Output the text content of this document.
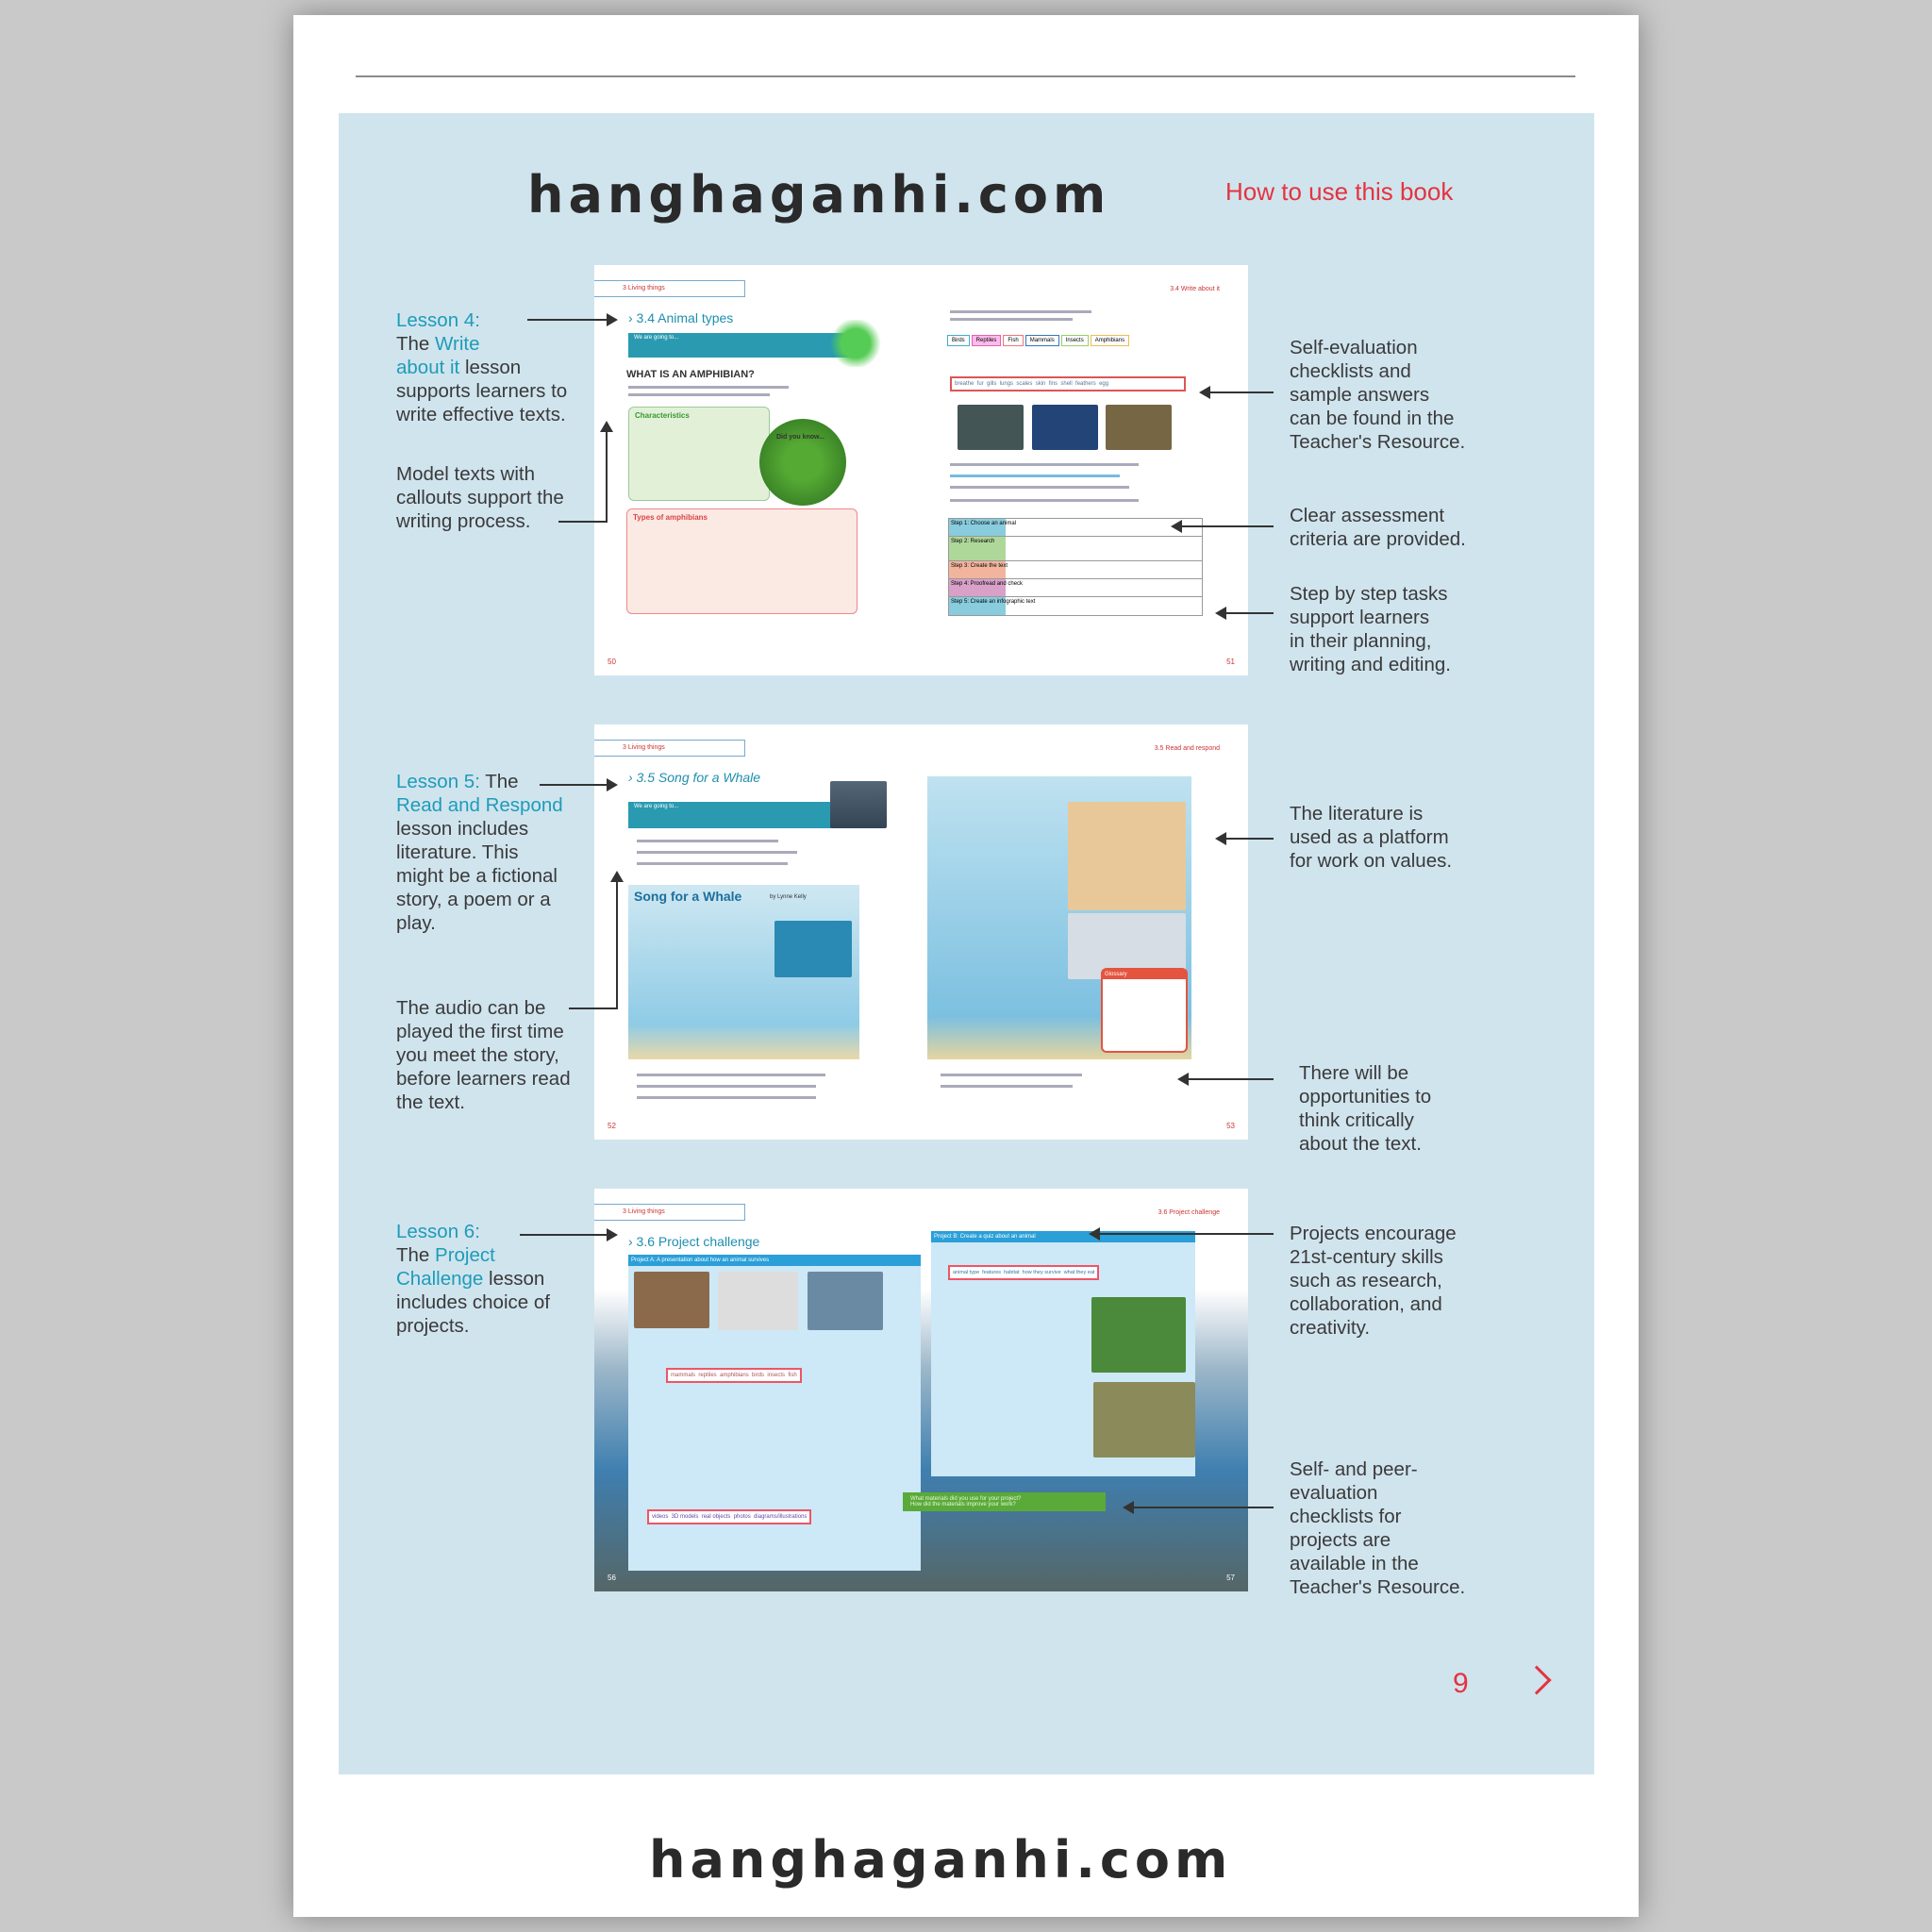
hanghaganhi.com	How to use this book
Lesson 4:
The Write
about it lesson
supports learners to
write effective texts.
Model texts with
callouts support the
writing process.
Lesson 5: The
Read and Respond
lesson includes
literature. This
might be a fictional
story, a poem or a
play.
The audio can be
played the first time
you meet the story,
before learners read
the text.
Lesson 6:
The Project
Challenge lesson
includes choice of
projects.
Self-evaluation
checklists and
sample answers
can be found in the
Teacher's Resource.
Clear assessment
criteria are provided.
Step by step tasks
support learners
in their planning,
writing and editing.
The literature is
used as a platform
for work on values.
There will be
opportunities to
think critically
about the text.
Projects encourage
21st-century skills
such as research,
collaboration, and
creativity.
Self- and peer-
evaluation
checklists for
projects are
available in the
Teacher's Resource.
3 Living things
› 3.4 Animal types
We are going to...
WHAT IS AN AMPHIBIAN?
Characteristics
Did you know...
Types of amphibians
50
3.4 Write about it
Birds Reptiles Fish Mammals Insects Amphibians
breathe  fur  gills  lungs  scales  skin  fins  shell  feathers  egg
Step 1: Choose an animal
Step 2: Research
Step 3: Create the text
Step 4: Proofread and check
Step 5: Create an infographic text
51
3 Living things
› 3.5 Song for a Whale
We are going to...
Song for a Whale	by Lynne Kelly
52
3.5 Read and respond
Glossary
53
3 Living things
› 3.6 Project challenge
Project A: A presentation about how an animal survives
mammals  reptiles  amphibians  birds  insects  fish
videos  3D models  real objects  photos  diagrams/illustrations
56
3.6 Project challenge
Project B: Create a quiz about an animal
animal type  features  habitat  how they survive  what they eat
What materials did you use for your project?
How did the materials improve your work?
57
9
hanghaganhi.com
